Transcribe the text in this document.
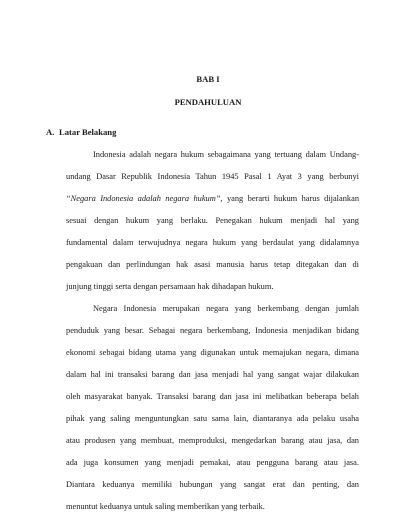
BAB I
PENDAHULUAN
A. Latar Belakang

Indonesia adalah negara hukum sebagaimana yang tertuang dalam Undang-

undang Dasar Republik Indonesia Tahun 1945 Pasal 1 Ayat 3 yang berbunyi

“Negara Indonesia adalah negara hukum”, yang berarti hukum harus dijalankan

sesuai dengan hukum yang berlaku. Penegakan hukum menjadi hal yang

fundamental dalam terwujudnya negara hukum yang berdaulat yang didalamnya

pengakuan dan perlindungan hak asasi manusia harus tetap ditegakan dan di

junjung tinggi serta dengan persamaan hak dihadapan hukum.

Negara Indonesia merupakan negara yang berkembang dengan jumlah

penduduk yang besar. Sebagai negara berkembang, Indonesia menjadikan bidang

ekonomi sebagai bidang utama yang digunakan untuk memajukan negara, dimana

dalam hal ini transaksi barang dan jasa menjadi hal yang sangat wajar dilakukan

oleh masyarakat banyak. Transaksi barang dan jasa ini melibatkan beberapa belah

pihak yang saling menguntungkan satu sama lain, diantaranya ada pelaku usaha

atau produsen yang membuat, memproduksi, mengedarkan barang atau jasa, dan

ada juga konsumen yang menjadi pemakai, atau pengguna barang atau jasa.

Diantara keduanya memiliki hubungan yang sangat erat dan penting, dan

menuntut keduanya untuk saling memberikan yang terbaik.
